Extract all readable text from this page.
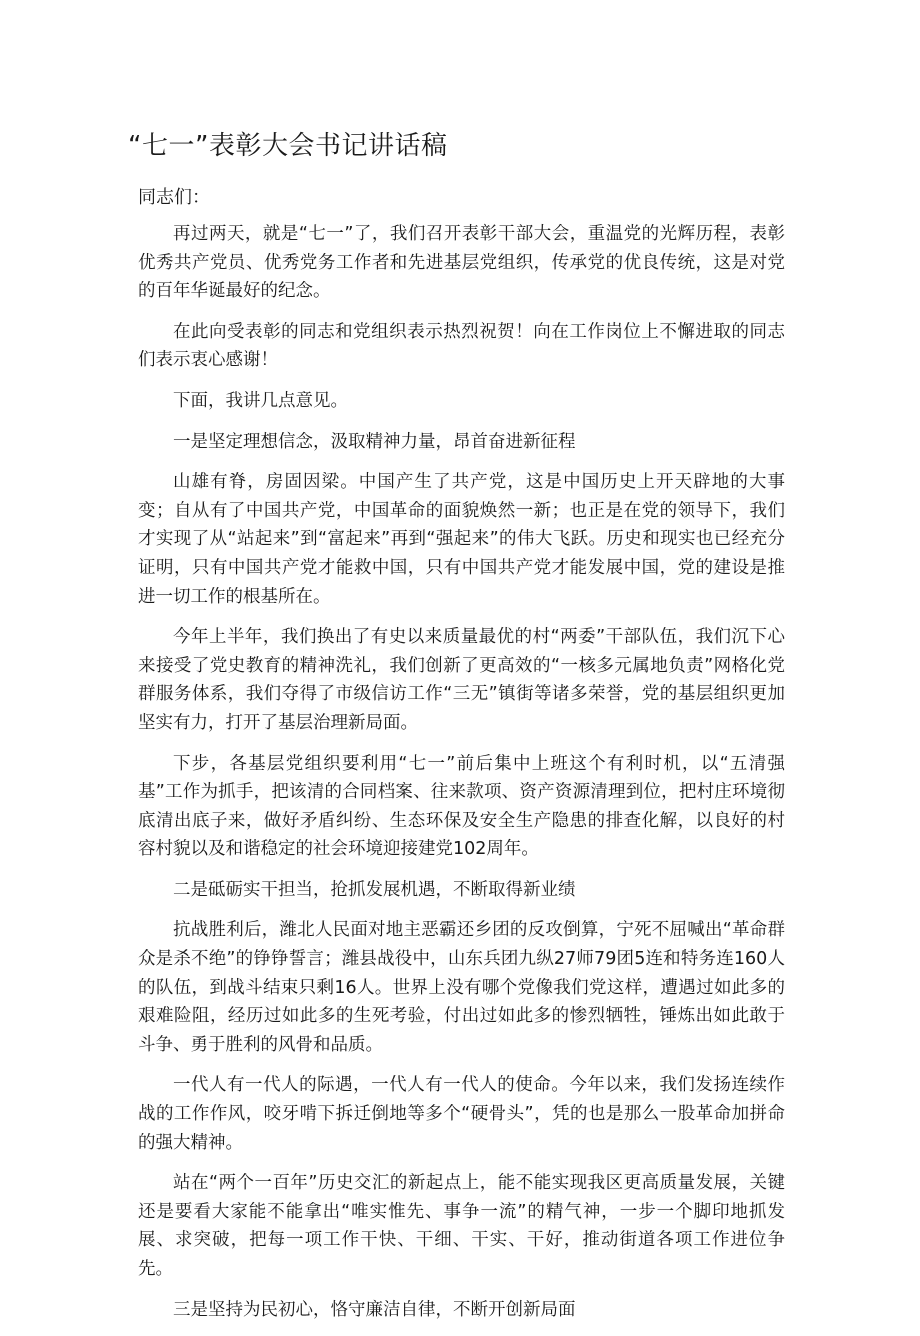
“七一”表彰大会书记讲话稿

同志们：

再过两天，就是“七一”了，我们召开表彰干部大会，重温党的光辉历程，表彰优秀共产党员、优秀党务工作者和先进基层党组织，传承党的优良传统，这是对党的百年华诞最好的纪念。

在此向受表彰的同志和党组织表示热烈祝贺！向在工作岗位上不懈进取的同志们表示衷心感谢！

下面，我讲几点意见。

一是坚定理想信念，汲取精神力量，昂首奋进新征程

山雄有脊，房固因梁。中国产生了共产党，这是中国历史上开天辟地的大事变；自从有了中国共产党，中国革命的面貌焕然一新；也正是在党的领导下，我们才实现了从“站起来”到“富起来”再到“强起来”的伟大飞跃。历史和现实也已经充分证明，只有中国共产党才能救中国，只有中国共产党才能发展中国，党的建设是推进一切工作的根基所在。

今年上半年，我们换出了有史以来质量最优的村“两委”干部队伍，我们沉下心来接受了党史教育的精神洗礼，我们创新了更高效的“一核多元属地负责”网格化党群服务体系，我们夺得了市级信访工作“三无”镇街等诸多荣誉，党的基层组织更加坚实有力，打开了基层治理新局面。

下步，各基层党组织要利用“七一”前后集中上班这个有利时机，以“五清强基”工作为抓手，把该清的合同档案、往来款项、资产资源清理到位，把村庄环境彻底清出底子来，做好矛盾纠纷、生态环保及安全生产隐患的排查化解，以良好的村容村貌以及和谐稳定的社会环境迎接建党102周年。

二是砥砺实干担当，抢抓发展机遇，不断取得新业绩

抗战胜利后，潍北人民面对地主恶霸还乡团的反攻倒算，宁死不屈喊出“革命群众是杀不绝”的铮铮誓言；潍县战役中，山东兵团九纵27师79团5连和特务连160人的队伍，到战斗结束只剩16人。世界上没有哪个党像我们党这样，遭遇过如此多的艰难险阻，经历过如此多的生死考验，付出过如此多的惨烈牺牲，锤炼出如此敢于斗争、勇于胜利的风骨和品质。

一代人有一代人的际遇，一代人有一代人的使命。今年以来，我们发扬连续作战的工作作风，咬牙啃下拆迁倒地等多个“硬骨头”，凭的也是那么一股革命加拼命的强大精神。

站在“两个一百年”历史交汇的新起点上，能不能实现我区更高质量发展，关键还是要看大家能不能拿出“唯实惟先、事争一流”的精气神，一步一个脚印地抓发展、求突破，把每一项工作干快、干细、干实、干好，推动街道各项工作进位争先。

三是坚持为民初心，恪守廉洁自律，不断开创新局面
